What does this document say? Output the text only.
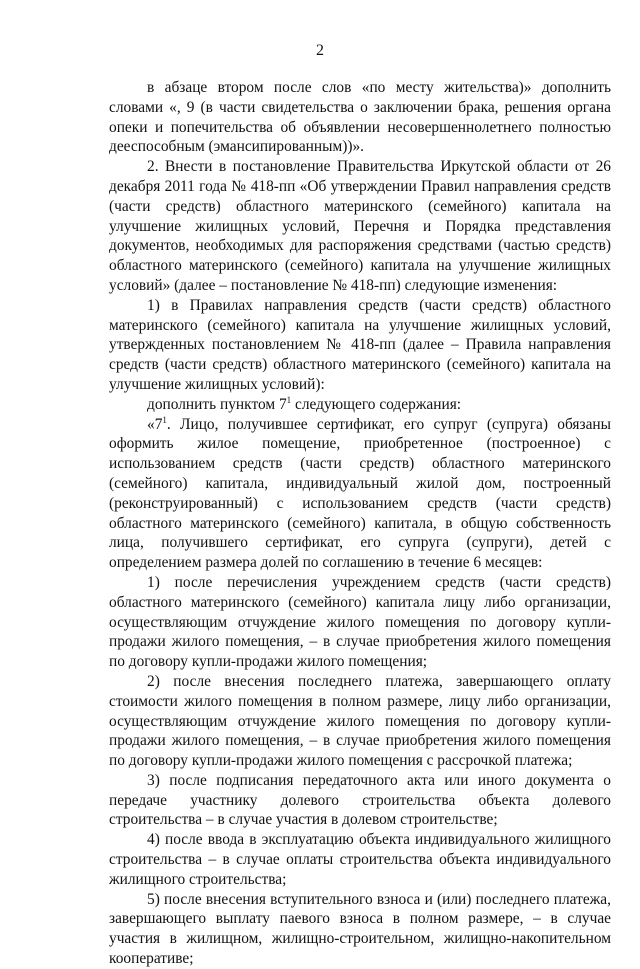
2

в абзаце втором после слов «по месту жительства)» дополнить словами «, 9 (в части свидетельства о заключении брака, решения органа опеки и попечительства об объявлении несовершеннолетнего полностью дееспособным (эмансипированным))».

2. Внести в постановление Правительства Иркутской области от 26 декабря 2011 года № 418-пп «Об утверждении Правил направления средств (части средств) областного материнского (семейного) капитала на улучшение жилищных условий, Перечня и Порядка представления документов, необходимых для распоряжения средствами (частью средств) областного материнского (семейного) капитала на улучшение жилищных условий» (далее – постановление № 418-пп) следующие изменения:

1) в Правилах направления средств (части средств) областного материнского (семейного) капитала на улучшение жилищных условий, утвержденных постановлением № 418-пп (далее – Правила направления средств (части средств) областного материнского (семейного) капитала на улучшение жилищных условий):

дополнить пунктом $7^1$ следующего содержания:

«$7^1$. Лицо, получившее сертификат, его супруг (супруга) обязаны оформить жилое помещение, приобретенное (построенное) с использованием средств (части средств) областного материнского (семейного) капитала, индивидуальный жилой дом, построенный (реконструированный) с использованием средств (части средств) областного материнского (семейного) капитала, в общую собственность лица, получившего сертификат, его супруга (супруги), детей с определением размера долей по соглашению в течение 6 месяцев:

1) после перечисления учреждением средств (части средств) областного материнского (семейного) капитала лицу либо организации, осуществляющим отчуждение жилого помещения по договору купли-продажи жилого помещения, – в случае приобретения жилого помещения по договору купли-продажи жилого помещения;

2) после внесения последнего платежа, завершающего оплату стоимости жилого помещения в полном размере, лицу либо организации, осуществляющим отчуждение жилого помещения по договору купли-продажи жилого помещения, – в случае приобретения жилого помещения по договору купли-продажи жилого помещения с рассрочкой платежа;

3) после подписания передаточного акта или иного документа о передаче участнику долевого строительства объекта долевого строительства – в случае участия в долевом строительстве;

4) после ввода в эксплуатацию объекта индивидуального жилищного строительства – в случае оплаты строительства объекта индивидуального жилищного строительства;

5) после внесения вступительного взноса и (или) последнего платежа, завершающего выплату паевого взноса в полном размере, – в случае участия в жилищном, жилищно-строительном, жилищно-накопительном кооперативе;
